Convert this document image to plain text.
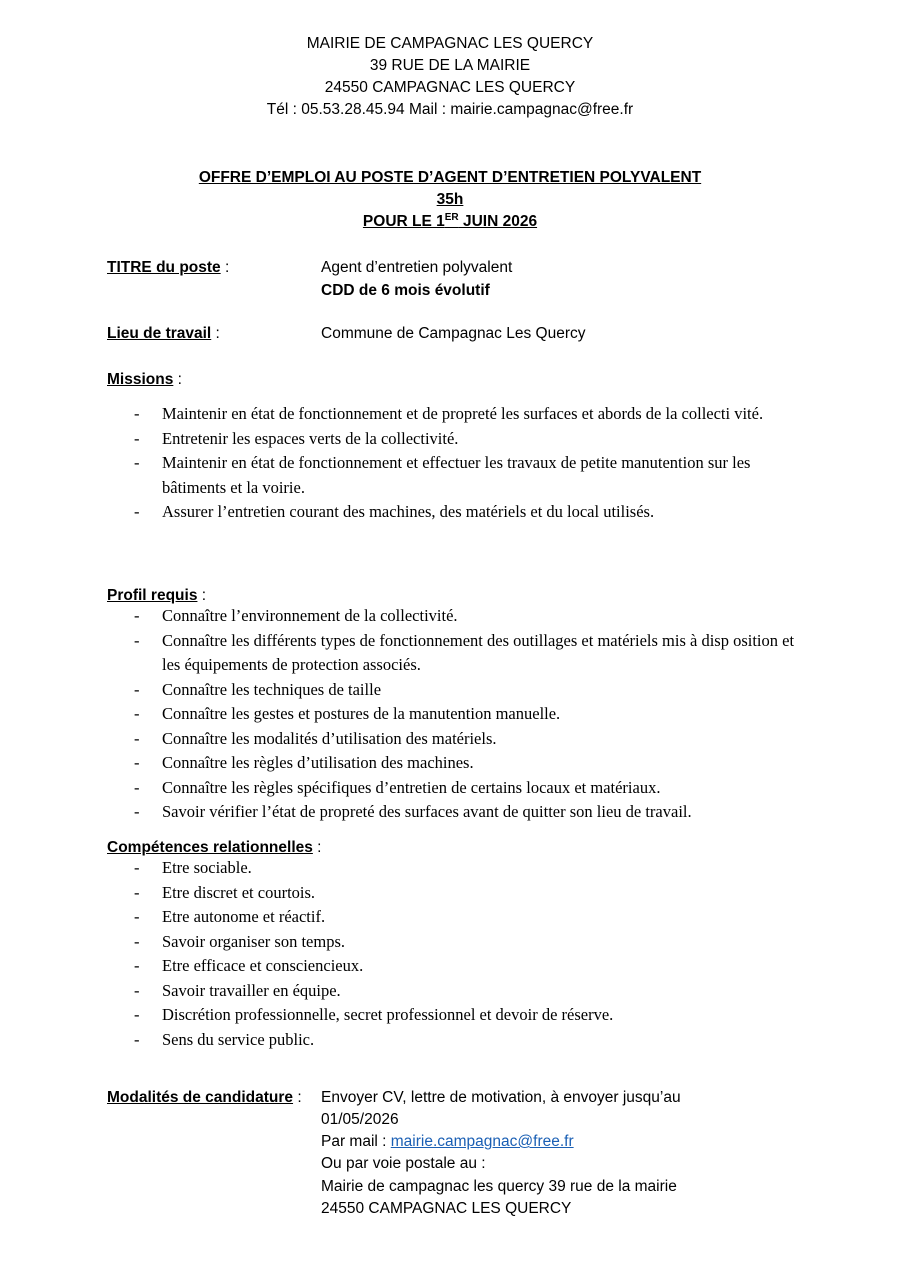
MAIRIE DE CAMPAGNAC LES QUERCY
39 RUE DE LA MAIRIE
24550 CAMPAGNAC LES QUERCY
Tél : 05.53.28.45.94 Mail : mairie.campagnac@free.fr
OFFRE D’EMPLOI AU POSTE D’AGENT D’ENTRETIEN POLYVALENT
35h
POUR LE 1ER JUIN 2026
TITRE du poste :	Agent d’entretien polyvalent
CDD de 6 mois évolutif
Lieu de travail :	Commune de Campagnac Les Quercy
Missions :
- Maintenir en état de fonctionnement et de propreté les surfaces et abords de la collecti vité.
- Entretenir les espaces verts de la collectivité.
- Maintenir en état de fonctionnement et effectuer les travaux de petite manutention sur les bâtiments et la voirie.
- Assurer l’entretien courant des machines, des matériels et du local utilisés.
Profil requis :
- Connaître l’environnement de la collectivité.
- Connaître les différents types de fonctionnement des outillages et matériels mis à disp osition et les équipements de protection associés.
- Connaître les techniques de taille
- Connaître les gestes et postures de la manutention manuelle.
- Connaître les modalités d’utilisation des matériels.
- Connaître les règles d’utilisation des machines.
- Connaître les règles spécifiques d’entretien de certains locaux et matériaux.
- Savoir vérifier l’état de propreté des surfaces avant de quitter son lieu de travail.
Compétences relationnelles :
- Etre sociable.
- Etre discret et courtois.
- Etre autonome et réactif.
- Savoir organiser son temps.
- Etre efficace et consciencieux.
- Savoir travailler en équipe.
- Discrétion professionnelle, secret professionnel et devoir de réserve.
- Sens du service public.
Modalités de candidature : Envoyer CV, lettre de motivation, à envoyer jusqu’au
01/05/2026
Par mail : mairie.campagnac@free.fr
Ou par voie postale au :
Mairie de campagnac les quercy 39 rue de la mairie
24550 CAMPAGNAC LES QUERCY
